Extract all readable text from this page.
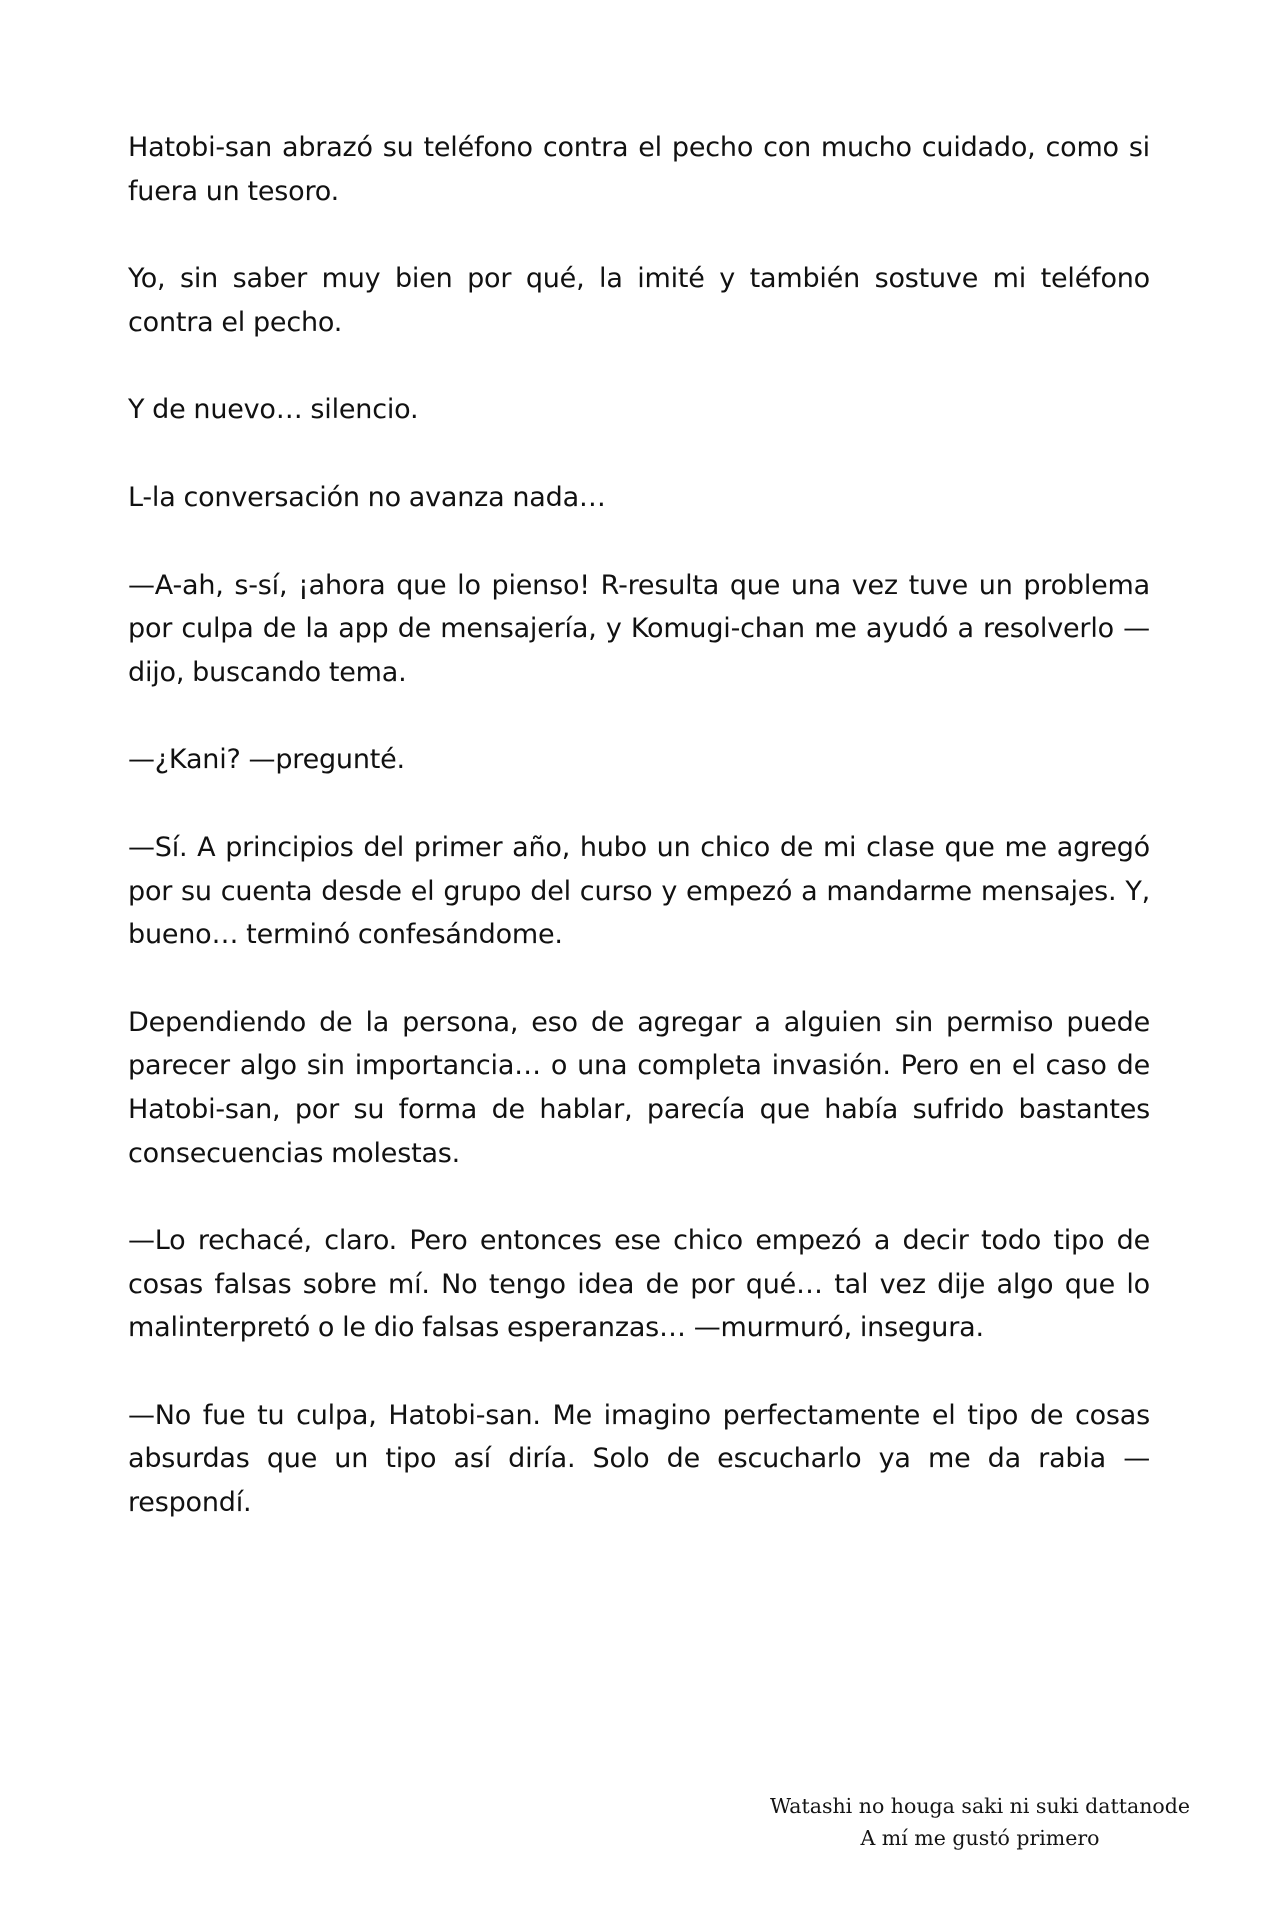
Hatobi-san abrazó su teléfono contra el pecho con mucho cuidado, como si fuera un tesoro.

Yo, sin saber muy bien por qué, la imité y también sostuve mi teléfono contra el pecho.

Y de nuevo… silencio.

L-la conversación no avanza nada…

—A-ah, s-sí, ¡ahora que lo pienso! R-resulta que una vez tuve un problema por culpa de la app de mensajería, y Komugi-chan me ayudó a resolverlo —dijo, buscando tema.

—¿Kani? —pregunté.

—Sí. A principios del primer año, hubo un chico de mi clase que me agregó por su cuenta desde el grupo del curso y empezó a mandarme mensajes. Y, bueno… terminó confesándome.

Dependiendo de la persona, eso de agregar a alguien sin permiso puede parecer algo sin importancia… o una completa invasión. Pero en el caso de Hatobi-san, por su forma de hablar, parecía que había sufrido bastantes consecuencias molestas.

—Lo rechacé, claro. Pero entonces ese chico empezó a decir todo tipo de cosas falsas sobre mí. No tengo idea de por qué… tal vez dije algo que lo malinterpretó o le dio falsas esperanzas… —murmuró, insegura.

—No fue tu culpa, Hatobi-san. Me imagino perfectamente el tipo de cosas absurdas que un tipo así diría. Solo de escucharlo ya me da rabia —respondí.

Watashi no houga saki ni suki dattanode
A mí me gustó primero
